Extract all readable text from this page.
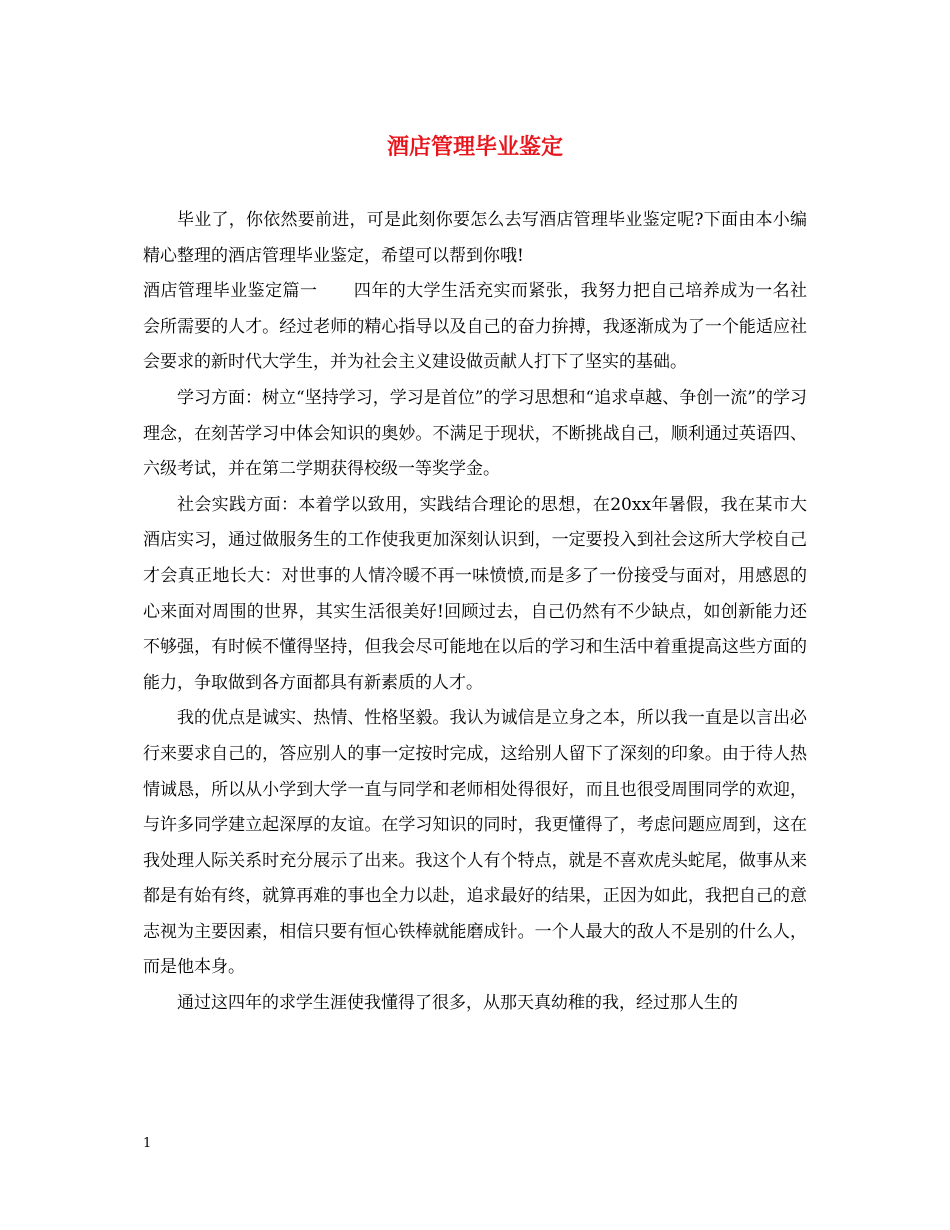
酒店管理毕业鉴定

毕业了，你依然要前进，可是此刻你要怎么去写酒店管理毕业鉴定呢?下面由本小编精心整理的酒店管理毕业鉴定，希望可以帮到你哦!

酒店管理毕业鉴定篇一 四年的大学生活充实而紧张，我努力把自己培养成为一名社会所需要的人才。经过老师的精心指导以及自己的奋力拚搏，我逐渐成为了一个能适应社会要求的新时代大学生，并为社会主义建设做贡献人打下了坚实的基础。

学习方面：树立“坚持学习，学习是首位”的学习思想和“追求卓越、争创一流”的学习理念，在刻苦学习中体会知识的奥妙。不满足于现状，不断挑战自己，顺利通过英语四、六级考试，并在第二学期获得校级一等奖学金。

社会实践方面：本着学以致用，实践结合理论的思想，在20xx年暑假，我在某市大酒店实习，通过做服务生的工作使我更加深刻认识到，一定要投入到社会这所大学校自己才会真正地长大：对世事的人情冷暖不再一味愤愤,而是多了一份接受与面对，用感恩的心来面对周围的世界，其实生活很美好!回顾过去，自己仍然有不少缺点，如创新能力还不够强，有时候不懂得坚持，但我会尽可能地在以后的学习和生活中着重提高这些方面的能力，争取做到各方面都具有新素质的人才。

我的优点是诚实、热情、性格坚毅。我认为诚信是立身之本，所以我一直是以言出必行来要求自己的，答应别人的事一定按时完成，这给别人留下了深刻的印象。由于待人热情诚恳，所以从小学到大学一直与同学和老师相处得很好，而且也很受周围同学的欢迎，与许多同学建立起深厚的友谊。在学习知识的同时，我更懂得了，考虑问题应周到，这在我处理人际关系时充分展示了出来。我这个人有个特点，就是不喜欢虎头蛇尾，做事从来都是有始有终，就算再难的事也全力以赴，追求最好的结果，正因为如此，我把自己的意志视为主要因素，相信只要有恒心铁棒就能磨成针。一个人最大的敌人不是别的什么人，而是他本身。

通过这四年的求学生涯使我懂得了很多，从那天真幼稚的我，经过那人生的

1
